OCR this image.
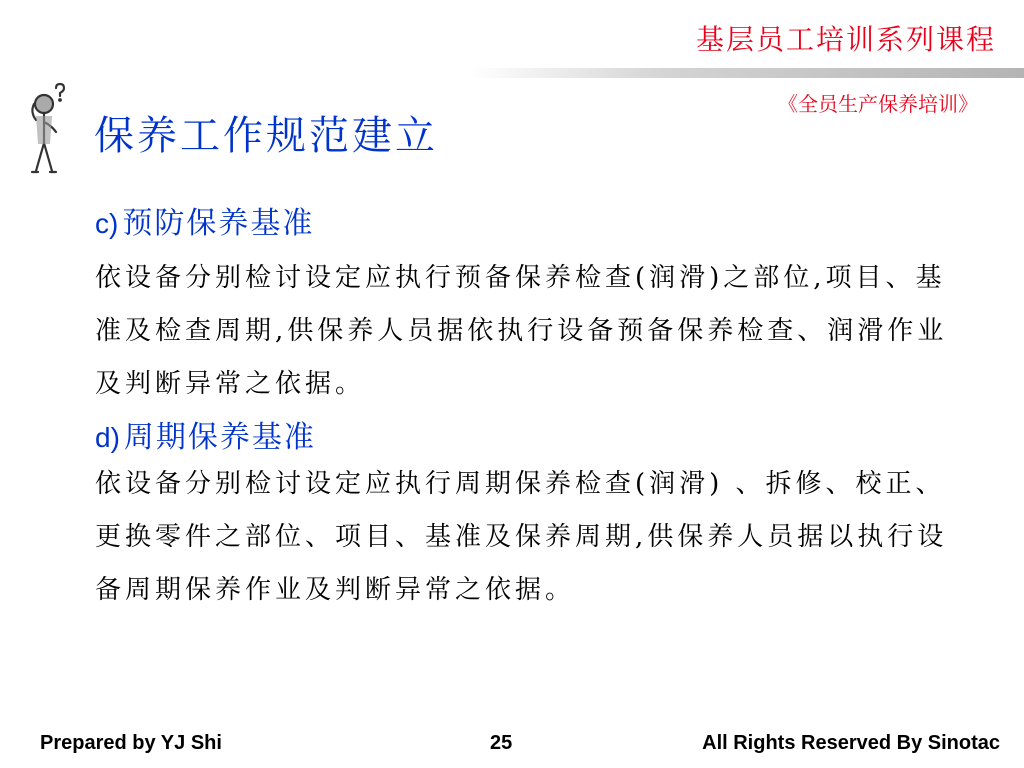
基层员工培训系列课程
《全员生产保养培训》
保养工作规范建立
c) 预防保养基准
依设备分别检讨设定应执行预备保养检查(润滑)之部位,项目、基准及检查周期,供保养人员据依执行设备预备保养检查、润滑作业及判断异常之依据。
d) 周期保养基准
依设备分别检讨设定应执行周期保养检查(润滑) 、拆修、校正、更换零件之部位、项目、基准及保养周期,供保养人员据以执行设备周期保养作业及判断异常之依据。
Prepared by YJ Shi	25	All Rights Reserved By Sinotac
